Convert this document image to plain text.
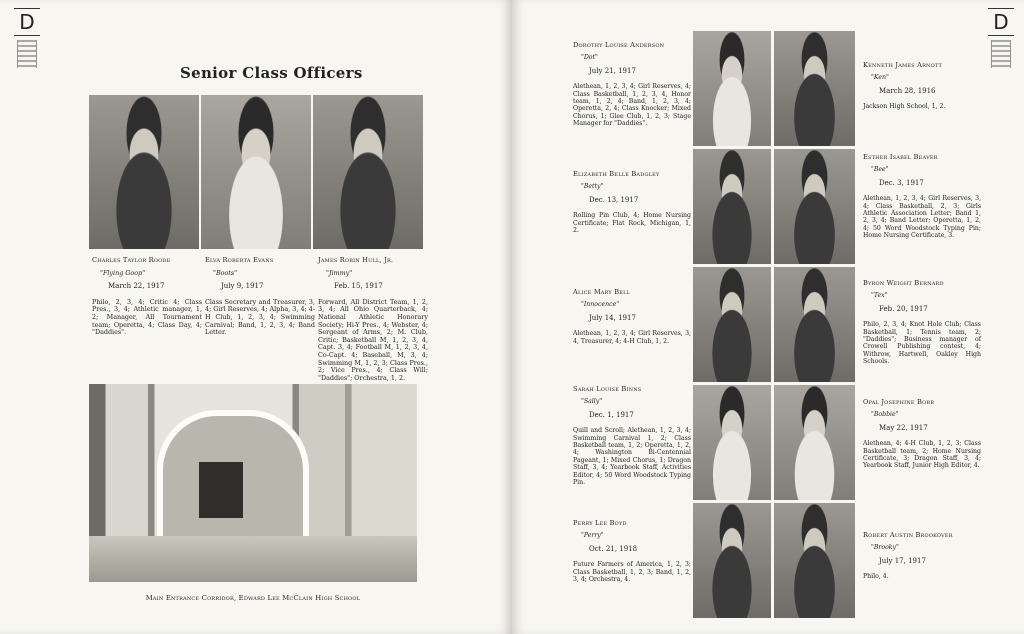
D
Senior Class Officers
Charles Taylor Roode
"Flying Goop"
March 22, 1917
Philo, 2, 3, 4; Critic 4; Class Pres., 3, 4; Athletic manager, 1, 2; Manager, All Tournament team; Operettа, 4; Class Day, 4; "Daddies".
Elva Roberta Evans
"Boots"
July 9, 1917
Class Secretary and Treasurer, 3, 4; Girl Reserves, 4; Alpha, 3, 4; 4-H Club, 1, 2, 3, 4; Swimming Carnival; Band, 1, 2, 3, 4; Band Letter.
James Robin Hull, Jr.
"Jimmy"
Feb. 15, 1917
Forward, All District Team, 1, 2, 3, 4; All Ohio Quarterback, 4; National Athletic Honorary Society; Hi-Y Pres., 4; Webster, 4; Sergeant of Arms, 2; M. Club, Critic; Basketball M, 1, 2, 3, 4, Capt. 3, 4; Football M, 1, 2, 3, 4, Co-Capt. 4; Baseball, M, 3, 4; Swimming M, 1, 2, 3; Class Pres., 2; Vice Pres., 4; Class Will; "Daddies"; Orchestra, 1, 2.
Main Entrance Corridor, Edward Lee McClain High School
D
Dorothy Louise Anderson
"Dot"
July 21, 1917
Alethean, 1, 2, 3, 4; Girl Reserves, 4; Class Basketball, 1, 2, 3, 4, Honor team, 1, 2, 4; Band, 1, 2, 3, 4; Operetta, 2, 4; Class Knocker; Mixed Chorus, 1; Glee Club, 1, 2, 3; Stage Manager for "Daddies".
Elizabeth Belle Badgley
"Betty"
Dec. 13, 1917
Rolling Pin Club, 4; Home Nursing Certificate; Flat Rock, Michigan, 1, 2.
Alice Mary Bell
"Innocence"
July 14, 1917
Alethean, 1, 2, 3, 4; Girl Reserves, 3, 4, Treasurer, 4; 4-H Club, 1, 2.
Sarah Louise Binns
"Sally"
Dec. 1, 1917
Quill and Scroll; Alethean, 1, 2, 3, 4; Swimming Carnival 1, 2; Class Basketball team, 1, 2; Operetta, 1, 2, 4; Washington Bi-Centennial Pageant, 1; Mixed Chorus, 1; Dragon Staff, 3, 4; Yearbook Staff, Activities Editor, 4; 50 Word Woodstock Typing Pin.
Perry Lee Boyd
"Perry"
Oct. 21, 1918
Future Farmers of America, 1, 2, 3; Class Basketball, 1, 2, 3; Band, 1, 2, 3, 4; Orchestra, 4.
Kenneth James Arnott
"Ken"
March 28, 1916
Jackson High School, 1, 2.
Esther Isabel Beaver
"Bee"
Dec. 3, 1917
Alethean, 1, 2, 3, 4; Girl Reserves, 3, 4; Class Basketball, 2, 3; Girls Athletic Association Letter; Band 1, 2, 3, 4; Band Letter; Operetta, 1, 2, 4; 50 Word Woodstock Typing Pin; Home Nursing Certificate, 3.
Byron Weight Bernard
"Tex"
Feb. 20, 1917
Philo, 2, 3, 4; Knot Hole Club; Class Basketball, 1; Tennis team, 2; "Daddies"; Business manager of Crowell Publishing contest, 4; Withrow, Hartwell, Oakley High Schools.
Opal Josephine Bobb
"Bobbie"
May 22, 1917
Alethean, 4; 4-H Club, 1, 2, 3; Class Basketball team, 2; Home Nursing Certificate, 3; Dragon Staff, 3, 4; Yearbook Staff, Junior High Editor, 4.
Robert Austin Brookover
"Brooky"
July 17, 1917
Philo, 4.
